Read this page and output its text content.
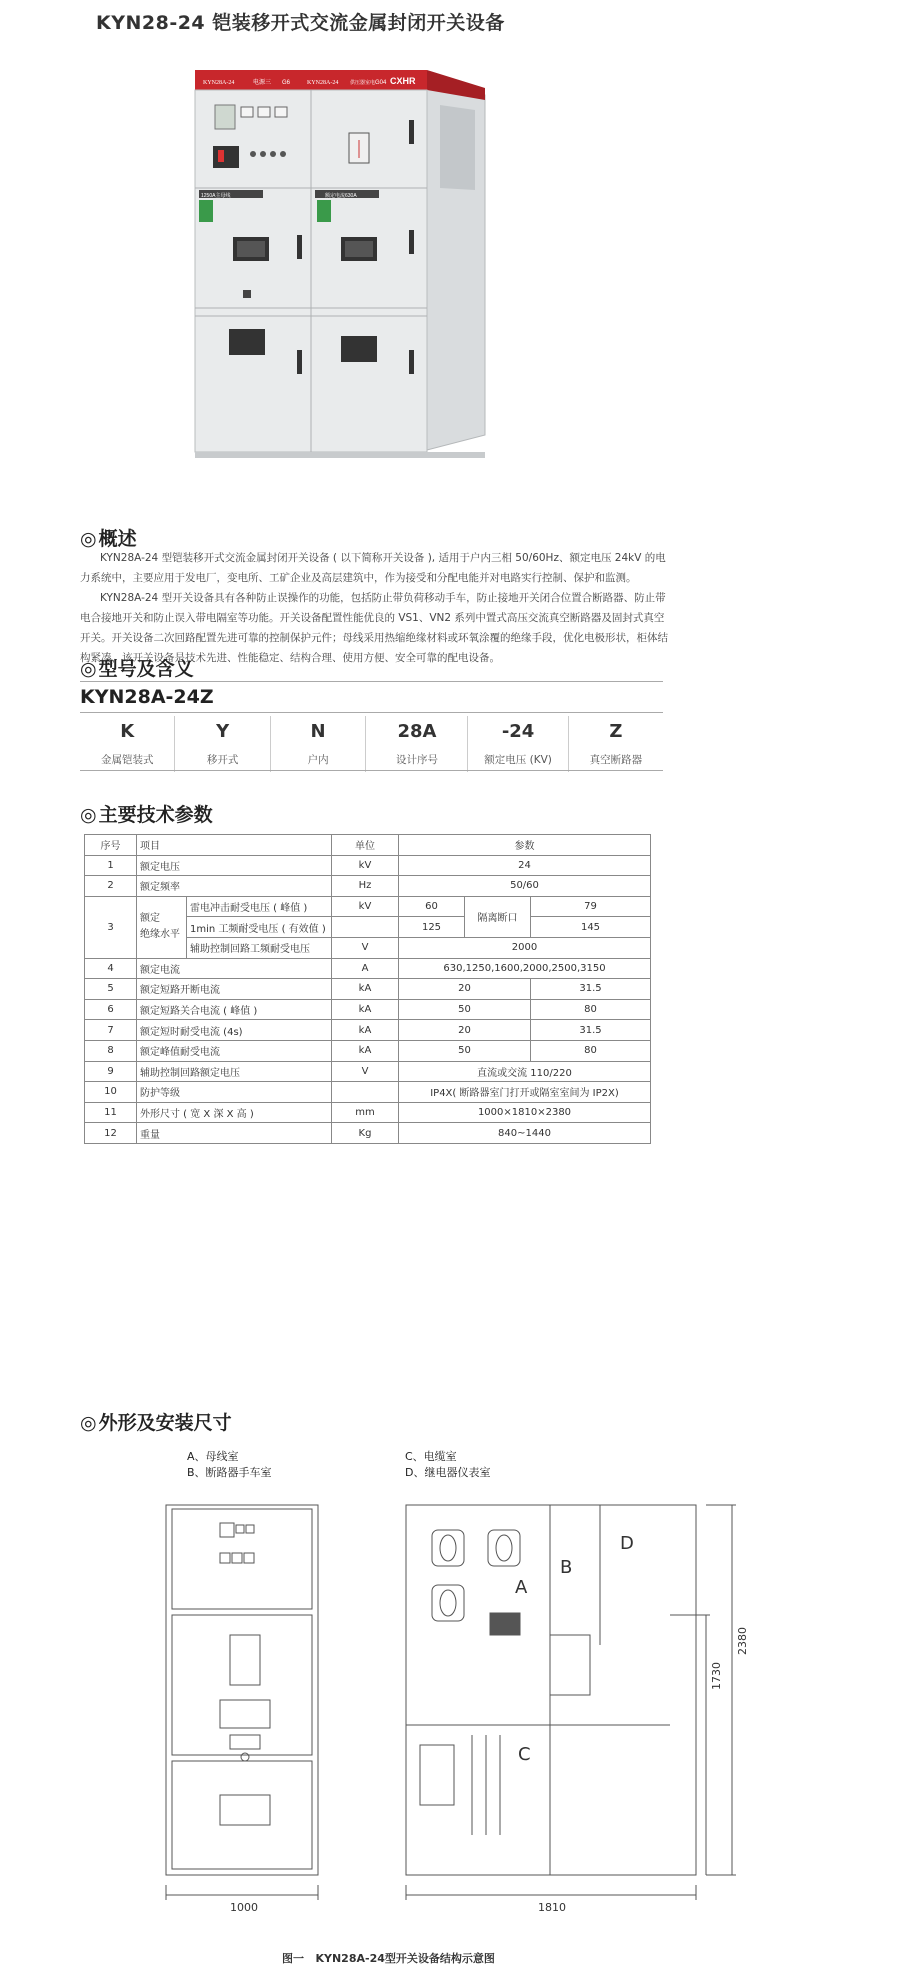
KYN28-24 铠装移开式交流金属封闭开关设备
CXHR
KYN28A-24	电源三 G6	KYN28A-24 供压器室电 G04
1250A主母线	额定电流630A
◎ 概述
KYN28A-24 型铠装移开式交流金属封闭开关设备 ( 以下简称开关设备 ), 适用于户内三相 50/60Hz、额定电压 24kV 的电力系统中，主要应用于发电厂，变电所、工矿企业及高层建筑中，作为接受和分配电能并对电路实行控制、保护和监测。
KYN28A-24 型开关设备具有各种防止误操作的功能，包括防止带负荷移动手车，防止接地开关闭合位置合断路器、防止带电合接地开关和防止误入带电隔室等功能。开关设备配置性能优良的 VS1、VN2 系列中置式高压交流真空断路器及固封式真空开关。开关设备二次回路配置先进可靠的控制保护元件；母线采用热缩绝缘材料或环氧涂覆的绝缘手段，优化电极形状，柜体结构紧凑，该开关设备是技术先进、性能稳定、结构合理、使用方便、安全可靠的配电设备。
◎ 型号及含义
KYN28A-24Z
K	Y	N	28A	-24	Z
金属铠装式	移开式	户内	设计序号	额定电压 (KV)	真空断路器
◎ 主要技术参数
序号	项目		单位	参数		
1	额定电压		kV	24		
2	额定频率		Hz	50/60		
3	额定
绝缘水平	雷电冲击耐受电压 ( 峰值 )	kV	60	隔离断口	79
		1min 工频耐受电压 ( 有效值 )		125		145
		辅助控制回路工频耐受电压	V	2000		
4	额定电流		A	630,1250,1600,2000,2500,3150		
5	额定短路开断电流		kA	20		31.5
6	额定短路关合电流 ( 峰值 )		kA	50		80
7	额定短时耐受电流 (4s)		kA	20		31.5
8	额定峰值耐受电流		kA	50		80
9	辅助控制回路额定电压		V	直流或交流 110/220		
10	防护等级			IP4X( 断路器室门打开或隔室室间为 IP2X)		
11	外形尺寸 ( 宽 X 深 X 高 )		mm	1000×1810×2380		
12	重量		Kg	840~1440		
◎ 外形及安装尺寸
A、母线室
B、断路器手车室
C、电缆室
D、继电器仪表室
1000	1810
2380
1730
A
B
C
D
图一   KYN28A-24型开关设备结构示意图
